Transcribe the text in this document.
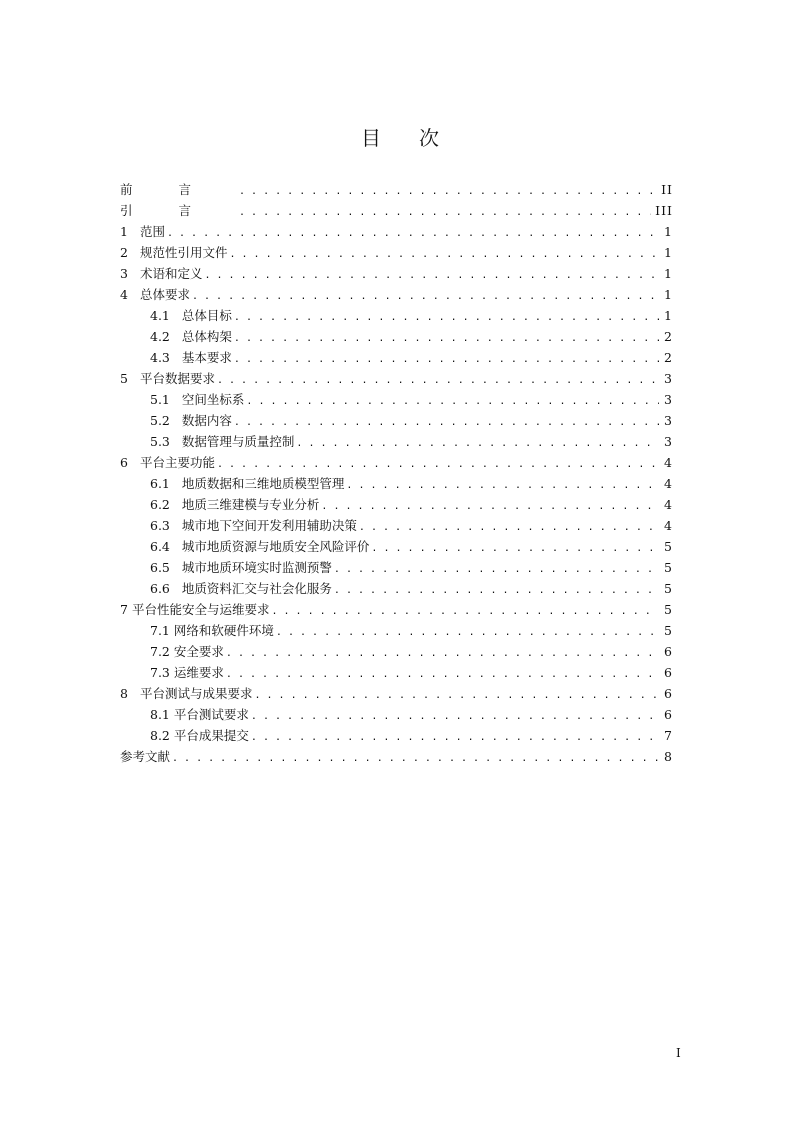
目次
前言 . . .	II
引言 . . .	III
1 范围 . . .	1
2 规范性引用文件 . . .	1
3 术语和定义 . . .	1
4 总体要求 . . .	1
4.1 总体目标 . . .	1
4.2 总体构架 . . .	2
4.3 基本要求 . . .	2
5 平台数据要求 . . .	3
5.1 空间坐标系 . . .	3
5.2 数据内容 . . .	3
5.3 数据管理与质量控制 . . .	3
6 平台主要功能 . . .	4
6.1 地质数据和三维地质模型管理 . . .	4
6.2 地质三维建模与专业分析 . . .	4
6.3 城市地下空间开发利用辅助决策 . . .	4
6.4 城市地质资源与地质安全风险评价 . . .	5
6.5 城市地质环境实时监测预警 . . .	5
6.6 地质资料汇交与社会化服务 . . .	5
7 平台性能安全与运维要求 . . .	5
7.1 网络和软硬件环境 . . .	5
7.2 安全要求 . . .	6
7.3 运维要求 . . .	6
8 平台测试与成果要求 . . .	6
8.1 平台测试要求 . . .	6
8.2 平台成果提交 . . .	7
参考文献 . . .	8
I
